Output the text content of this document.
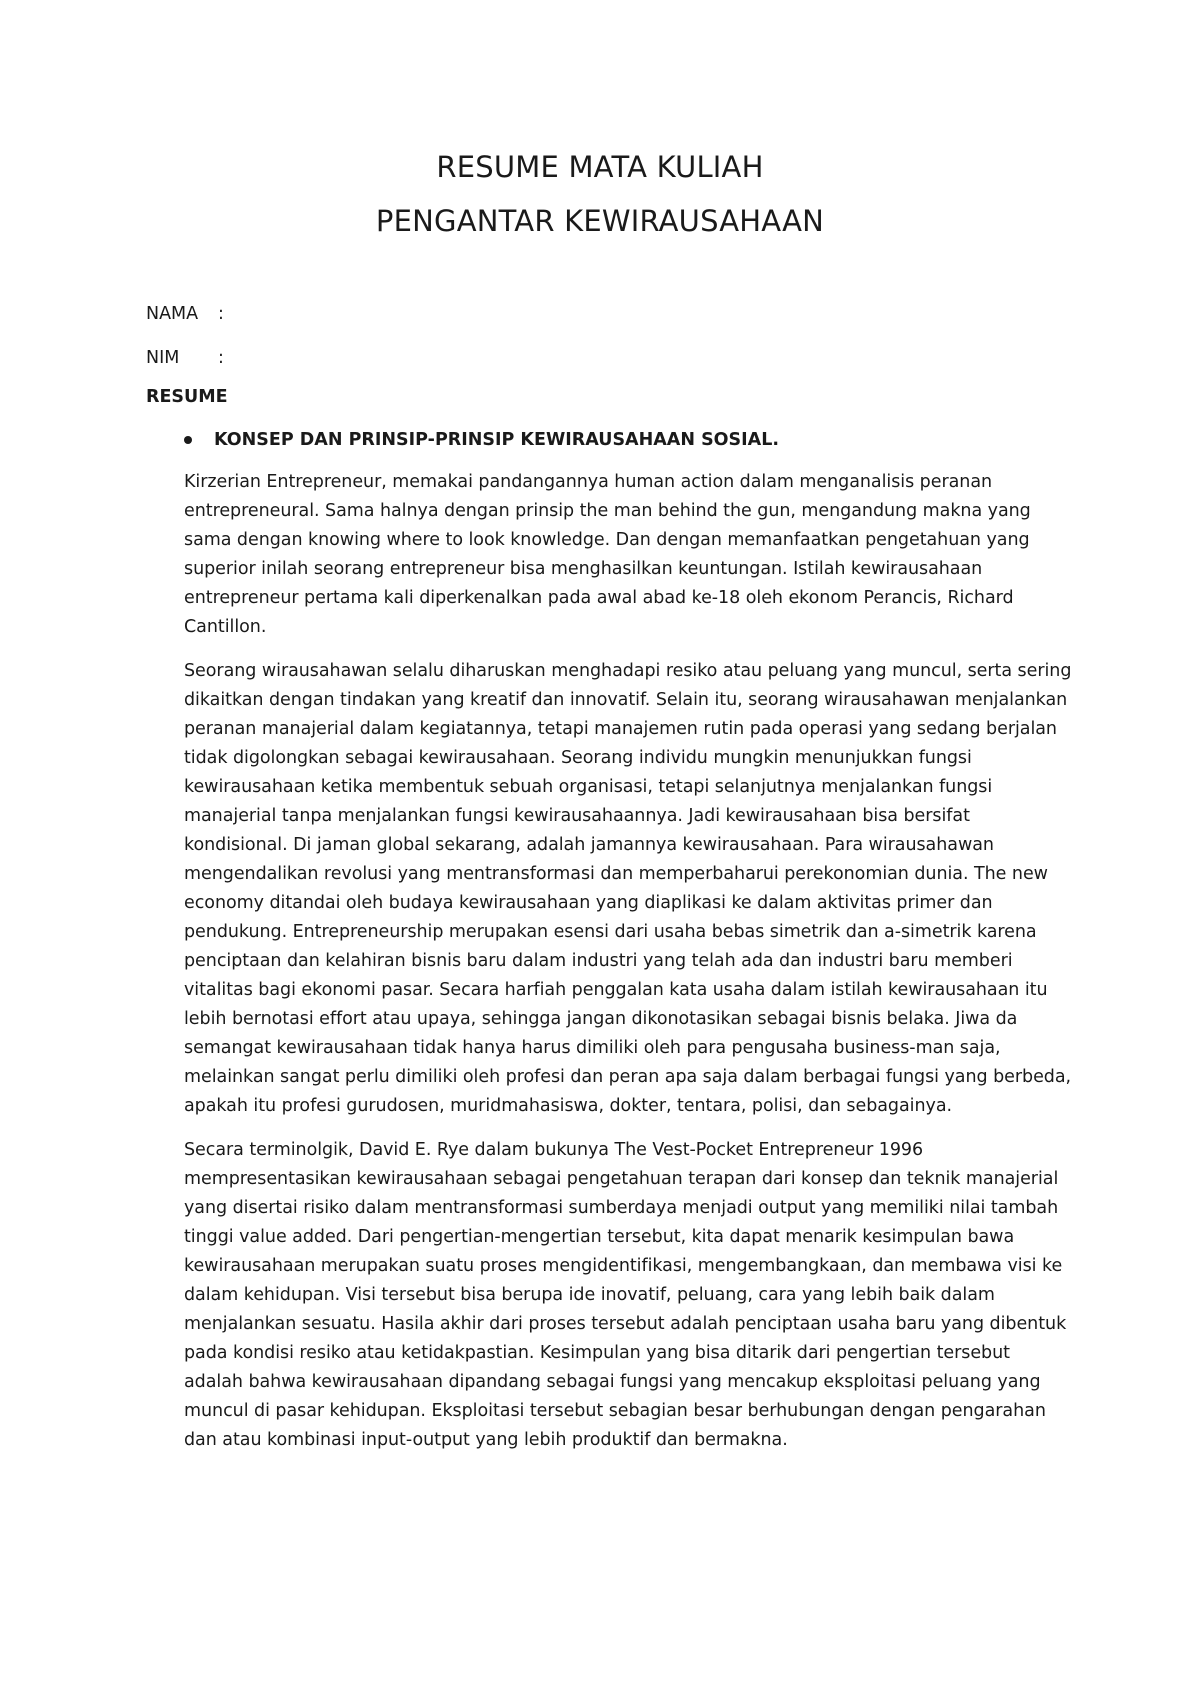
RESUME MATA KULIAH
PENGANTAR KEWIRAUSAHAAN
NAMA	:
NIM	:
RESUME
KONSEP DAN PRINSIP-PRINSIP KEWIRAUSAHAAN SOSIAL.

Kirzerian Entrepreneur, memakai pandangannya human action dalam menganalisis peranan entrepreneural. Sama halnya dengan prinsip the man behind the gun, mengandung makna yang sama dengan knowing where to look knowledge. Dan dengan memanfaatkan pengetahuan yang superior inilah seorang entrepreneur bisa menghasilkan keuntungan. Istilah kewirausahaan entrepreneur pertama kali diperkenalkan pada awal abad ke-18 oleh ekonom Perancis, Richard Cantillon.

Seorang wirausahawan selalu diharuskan menghadapi resiko atau peluang yang muncul, serta sering dikaitkan dengan tindakan yang kreatif dan innovatif. Selain itu, seorang wirausahawan menjalankan peranan manajerial dalam kegiatannya, tetapi manajemen rutin pada operasi yang sedang berjalan tidak digolongkan sebagai kewirausahaan. Seorang individu mungkin menunjukkan fungsi kewirausahaan ketika membentuk sebuah organisasi, tetapi selanjutnya menjalankan fungsi manajerial tanpa menjalankan fungsi kewirausahaannya. Jadi kewirausahaan bisa bersifat kondisional. Di jaman global sekarang, adalah jamannya kewirausahaan. Para wirausahawan mengendalikan revolusi yang mentransformasi dan memperbaharui perekonomian dunia. The new economy ditandai oleh budaya kewirausahaan yang diaplikasi ke dalam aktivitas primer dan pendukung. Entrepreneurship merupakan esensi dari usaha bebas simetrik dan a-simetrik karena penciptaan dan kelahiran bisnis baru dalam industri yang telah ada dan industri baru memberi vitalitas bagi ekonomi pasar. Secara harfiah penggalan kata usaha dalam istilah kewirausahaan itu lebih bernotasi effort atau upaya, sehingga jangan dikonotasikan sebagai bisnis belaka. Jiwa da semangat kewirausahaan tidak hanya harus dimiliki oleh para pengusaha business-man saja, melainkan sangat perlu dimiliki oleh profesi dan peran apa saja dalam berbagai fungsi yang berbeda, apakah itu profesi gurudosen, muridmahasiswa, dokter, tentara, polisi, dan sebagainya.

Secara terminolgik, David E. Rye dalam bukunya The Vest-Pocket Entrepreneur 1996 mempresentasikan kewirausahaan sebagai pengetahuan terapan dari konsep dan teknik manajerial yang disertai risiko dalam mentransformasi sumberdaya menjadi output yang memiliki nilai tambah tinggi value added. Dari pengertian-mengertian tersebut, kita dapat menarik kesimpulan bawa kewirausahaan merupakan suatu proses mengidentifikasi, mengembangkaan, dan membawa visi ke dalam kehidupan. Visi tersebut bisa berupa ide inovatif, peluang, cara yang lebih baik dalam menjalankan sesuatu. Hasila akhir dari proses tersebut adalah penciptaan usaha baru yang dibentuk pada kondisi resiko atau ketidakpastian. Kesimpulan yang bisa ditarik dari pengertian tersebut adalah bahwa kewirausahaan dipandang sebagai fungsi yang mencakup eksploitasi peluang yang muncul di pasar kehidupan. Eksploitasi tersebut sebagian besar berhubungan dengan pengarahan dan atau kombinasi input-output yang lebih produktif dan bermakna.
